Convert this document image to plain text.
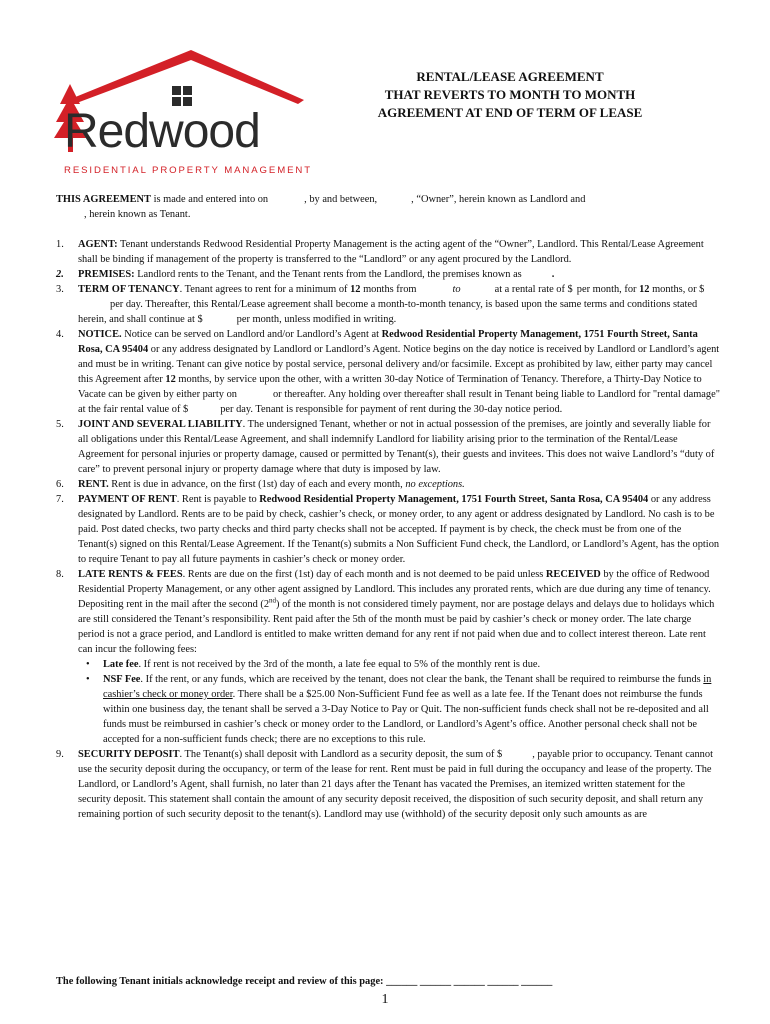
Redwood
RESIDENTIAL PROPERTY MANAGEMENT
RENTAL/LEASE AGREEMENT
THAT REVERTS TO MONTH TO MONTH
AGREEMENT AT END OF TERM OF LEASE
THIS AGREEMENT is made and entered into on	, by and between,	, “Owner”, herein known as Landlord and
, herein known as Tenant.
1.	AGENT: Tenant understands Redwood Residential Property Management is the acting agent of the “Owner”, Landlord. This Rental/Lease Agreement shall be binding if management of the property is transferred to the “Landlord” or any agent procured by the Landlord.
2.	PREMISES: Landlord rents to the Tenant, and the Tenant rents from the Landlord, the premises known as	.
3.	TERM OF TENANCY. Tenant agrees to rent for a minimum of 12 months from	to	at a rental rate of $ per month, for 12 months, or $per day. Thereafter, this Rental/Lease agreement shall become a month-to-month tenancy, is based upon the same terms and conditions stated herein, and shall continue at $	per month, unless modified in writing.
4.	NOTICE. Notice can be served on Landlord and/or Landlord’s Agent at Redwood Residential Property Management, 1751 Fourth Street, Santa Rosa, CA 95404 or any address designated by Landlord or Landlord’s Agent. Notice begins on the day notice is received by Landlord or Landlord’s agent and must be in writing. Tenant can give notice by postal service, personal delivery and/or facsimile. Except as prohibited by law, either party may cancel this Agreement after 12 months, by service upon the other, with a written 30-day Notice of Termination of Tenancy. Therefore, a Thirty-Day Notice to Vacate can be given by either party on	or thereafter. Any holding over thereafter shall result in Tenant being liable to Landlord for "rental damage" at the fair rental value of $	per day. Tenant is responsible for payment of rent during the 30-day notice period.
5.	JOINT AND SEVERAL LIABILITY. The undersigned Tenant, whether or not in actual possession of the premises, are jointly and severally liable for all obligations under this Rental/Lease Agreement, and shall indemnify Landlord for liability arising prior to the termination of the Rental/Lease Agreement for personal injuries or property damage, caused or permitted by Tenant(s), their guests and invitees. This does not waive Landlord’s “duty of care” to prevent personal injury or property damage where that duty is imposed by law.
6.	RENT. Rent is due in advance, on the first (1st) day of each and every month, no exceptions.
7.	PAYMENT OF RENT. Rent is payable to Redwood Residential Property Management, 1751 Fourth Street, Santa Rosa, CA 95404 or any address designated by Landlord. Rents are to be paid by check, cashier’s check, or money order, to any agent or address designated by Landlord. No cash is to be paid. Post dated checks, two party checks and third party checks shall not be accepted. If payment is by check, the check must be from one of the Tenant(s) signed on this Rental/Lease Agreement. If the Tenant(s) submits a Non Sufficient Fund check, the Landlord, or Landlord’s Agent, has the option to require Tenant to pay all future payments in cashier’s check or money order.
8.	LATE RENTS & FEES. Rents are due on the first (1st) day of each month and is not deemed to be paid unless RECEIVED by the office of Redwood Residential Property Management, or any other agent assigned by Landlord. This includes any prorated rents, which are due during any time of tenancy. Depositing rent in the mail after the second (2nd) of the month is not considered timely payment, nor are postage delays and delays due to holidays which are still considered the Tenant’s responsibility. Rent paid after the 5th of the month must be paid by cashier’s check or money order. The late charge period is not a grace period, and Landlord is entitled to make written demand for any rent if not paid when due and to collect interest thereon. Late rent can incur the following fees:
• Late fee. If rent is not received by the 3rd of the month, a late fee equal to 5% of the monthly rent is due.
• NSF Fee. If the rent, or any funds, which are received by the tenant, does not clear the bank, the Tenant shall be required to reimburse the funds in cashier’s check or money order. There shall be a $25.00 Non-Sufficient Fund fee as well as a late fee. If the Tenant does not reimburse the funds within one business day, the tenant shall be served a 3-Day Notice to Pay or Quit. The non-sufficient funds check shall not be re-deposited and all funds must be reimbursed in cashier’s check or money order to the Landlord, or Landlord’s Agent’s office. Another personal check shall not be accepted for a non-sufficient funds check; there are no exceptions to this rule.
9.	SECURITY DEPOSIT. The Tenant(s) shall deposit with Landlord as a security deposit, the sum of $	, payable prior to occupancy. Tenant cannot use the security deposit during the occupancy, or term of the lease for rent. Rent must be paid in full during the occupancy and lease of the property. The Landlord, or Landlord’s Agent, shall furnish, no later than 21 days after the Tenant has vacated the Premises, an itemized written statement for the security deposit. This statement shall contain the amount of any security deposit received, the disposition of such security deposit, and shall return any remaining portion of such security deposit to the tenant(s). Landlord may use (withhold) of the security deposit only such amounts as are
The following Tenant initials acknowledge receipt and review of this page: ______ ______ ______ ______ ______
1
